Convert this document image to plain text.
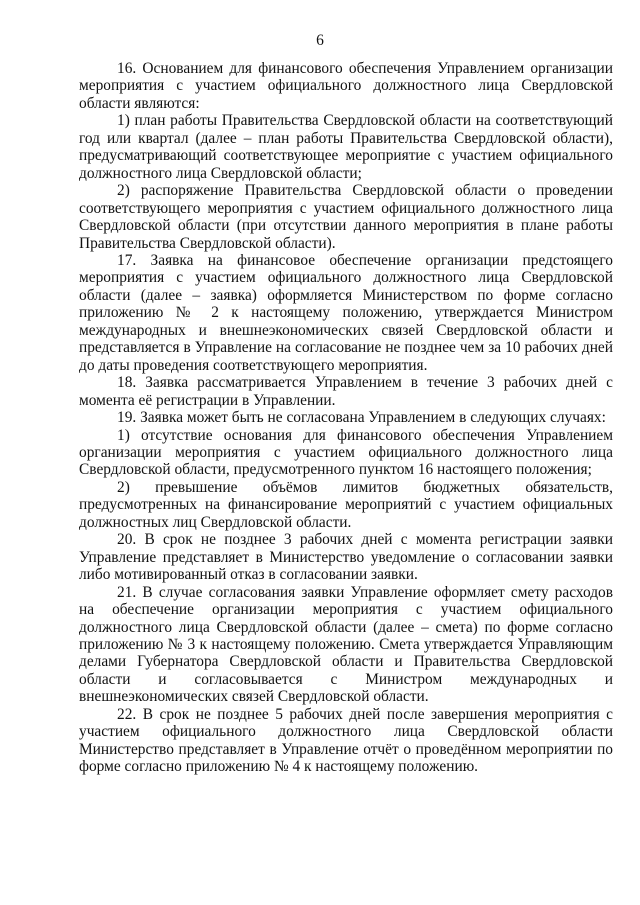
6

16. Основанием для финансового обеспечения Управлением организации мероприятия с участием официального должностного лица Свердловской области являются:

1) план работы Правительства Свердловской области на соответствующий год или квартал (далее – план работы Правительства Свердловской области), предусматривающий соответствующее мероприятие с участием официального должностного лица Свердловской области;

2) распоряжение Правительства Свердловской области о проведении соответствующего мероприятия с участием официального должностного лица Свердловской области (при отсутствии данного мероприятия в плане работы Правительства Свердловской области).

17. Заявка на финансовое обеспечение организации предстоящего мероприятия с участием официального должностного лица Свердловской области (далее – заявка) оформляется Министерством по форме согласно приложению № 2 к настоящему положению, утверждается Министром международных и внешнеэкономических связей Свердловской области и представляется в Управление на согласование не позднее чем за 10 рабочих дней до даты проведения соответствующего мероприятия.

18. Заявка рассматривается Управлением в течение 3 рабочих дней с момента её регистрации в Управлении.

19. Заявка может быть не согласована Управлением в следующих случаях:

1) отсутствие основания для финансового обеспечения Управлением организации мероприятия с участием официального должностного лица Свердловской области, предусмотренного пунктом 16 настоящего положения;

2) превышение объёмов лимитов бюджетных обязательств, предусмотренных на финансирование мероприятий с участием официальных должностных лиц Свердловской области.

20. В срок не позднее 3 рабочих дней с момента регистрации заявки Управление представляет в Министерство уведомление о согласовании заявки либо мотивированный отказ в согласовании заявки.

21. В случае согласования заявки Управление оформляет смету расходов на обеспечение организации мероприятия с участием официального должностного лица Свердловской области (далее – смета) по форме согласно приложению № 3 к настоящему положению. Смета утверждается Управляющим делами Губернатора Свердловской области и Правительства Свердловской области и согласовывается с Министром международных и внешнеэкономических связей Свердловской области.

22. В срок не позднее 5 рабочих дней после завершения мероприятия с участием официального должностного лица Свердловской области Министерство представляет в Управление отчёт о проведённом мероприятии по форме согласно приложению № 4 к настоящему положению.
